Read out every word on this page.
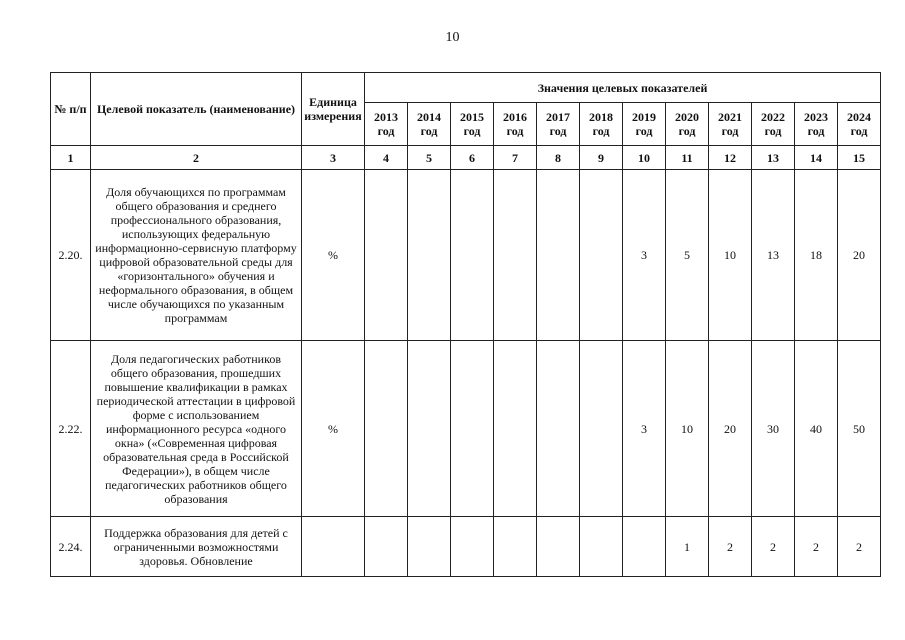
10
№ п/п	Целевой показатель (наименование)	Единица измерения	Значения целевых показателей											
			2013 год	2014 год	2015 год	2016 год	2017 год	2018 год	2019 год	2020 год	2021 год	2022 год	2023 год	2024 год
1	2	3	4	5	6	7	8	9	10	11	12	13	14	15
2.20.	Доля обучающихся по программам общего образования и среднего профессионального образования, использующих федеральную информационно-сервисную платформу цифровой образовательной среды для «горизонтального» обучения и неформального образования, в общем числе обучающихся по указанным программам	%							3	5	10	13	18	20
2.22.	Доля педагогических работников общего образования, прошедших повышение квалификации в рамках периодической аттестации в цифровой форме с использованием информационного ресурса «одного окна» («Современная цифровая образовательная среда в Российской Федерации»), в общем числе педагогических работников общего образования	%							3	10	20	30	40	50
2.24.	Поддержка образования для детей с ограниченными возможностями здоровья. Обновление									1	2	2	2	2
